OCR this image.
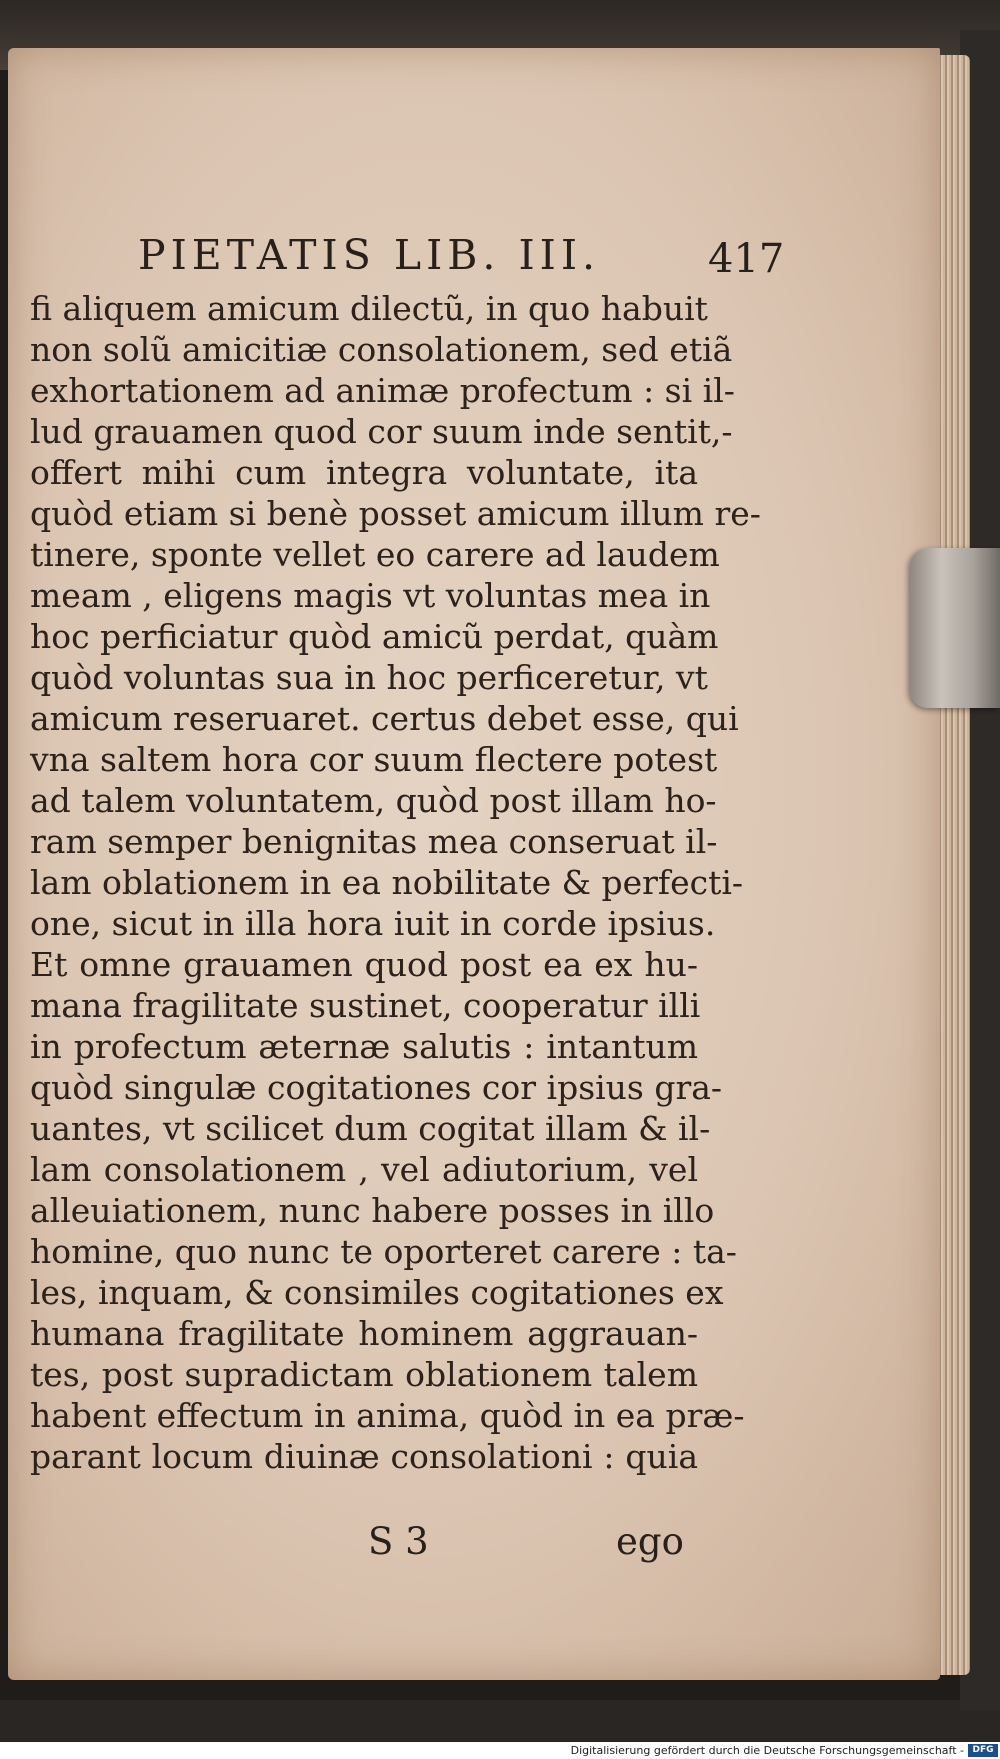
PIETATIS LIB. III.	417
fi aliquem amicum dilectũ, in quo habuit
non solũ amicitiæ consolationem, sed etiã
exhortationem ad animæ profectum : si il-
lud grauamen quod cor suum inde sentit,-
offert mihi cum integra voluntate, ita
quòd etiam si benè posset amicum illum re-
tinere, sponte vellet eo carere ad laudem
meam , eligens magis vt voluntas mea in
hoc perficiatur quòd amicũ perdat, quàm
quòd voluntas sua in hoc perficeretur, vt
amicum reseruaret. certus debet esse, qui
vna saltem hora cor suum flectere potest
ad talem voluntatem, quòd post illam ho-
ram semper benignitas mea conseruat il-
lam oblationem in ea nobilitate & perfecti-
one, sicut in illa hora iuit in corde ipsius.
Et omne grauamen quod post ea ex hu-
mana fragilitate sustinet, cooperatur illi
in profectum æternæ salutis : intantum
quòd singulæ cogitationes cor ipsius gra-
uantes, vt scilicet dum cogitat illam & il-
lam consolationem , vel adiutorium, vel
alleuiationem, nunc habere posses in illo
homine, quo nunc te oporteret carere : ta-
les, inquam, & consimiles cogitationes ex
humana fragilitate hominem aggrauan-
tes, post supradictam oblationem talem
habent effectum in anima, quòd in ea præ-
parant locum diuinæ consolationi : quia
S 3	ego
Digitalisierung gefördert durch die Deutsche Forschungsgemeinschaft - DFG
